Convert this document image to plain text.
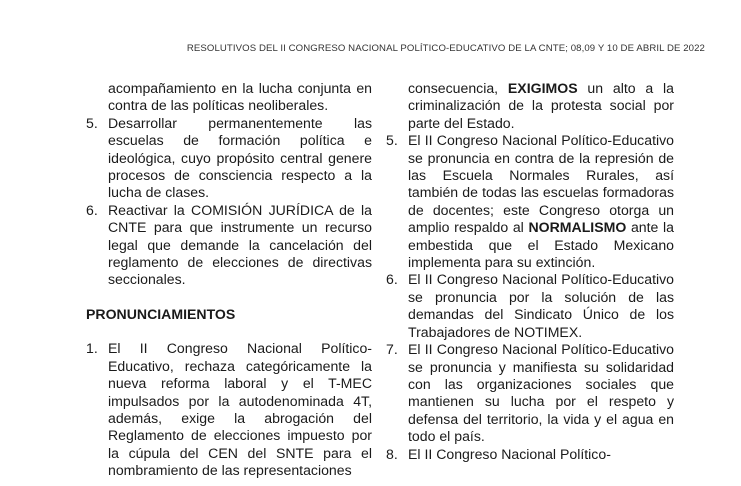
RESOLUTIVOS DEL II CONGRESO NACIONAL POLÍTICO-EDUCATIVO DE LA CNTE; 08,09 Y 10 DE ABRIL DE 2022
acompañamiento en la lucha conjunta en contra de las políticas neoliberales.
5. Desarrollar permanentemente las escuelas de formación política e ideológica, cuyo propósito central genere procesos de consciencia respecto a la lucha de clases.
6. Reactivar la COMISIÓN JURÍDICA de la CNTE para que instrumente un recurso legal que demande la cancelación del reglamento de elecciones de directivas seccionales.
PRONUNCIAMIENTOS
1. El II Congreso Nacional Político-Educativo, rechaza categóricamente la nueva reforma laboral y el T-MEC impulsados por la autodenominada 4T, además, exige la abrogación del Reglamento de elecciones impuesto por la cúpula del CEN del SNTE para el nombramiento de las representaciones
consecuencia, EXIGIMOS un alto a la criminalización de la protesta social por parte del Estado.
5. El II Congreso Nacional Político-Educativo se pronuncia en contra de la represión de las Escuela Normales Rurales, así también de todas las escuelas formadoras de docentes; este Congreso otorga un amplio respaldo al NORMALISMO ante la embestida que el Estado Mexicano implementa para su extinción.
6. El II Congreso Nacional Político-Educativo se pronuncia por la solución de las demandas del Sindicato Único de los Trabajadores de NOTIMEX.
7. El II Congreso Nacional Político-Educativo se pronuncia y manifiesta su solidaridad con las organizaciones sociales que mantienen su lucha por el respeto y defensa del territorio, la vida y el agua en todo el país.
8. El II Congreso Nacional Político-
